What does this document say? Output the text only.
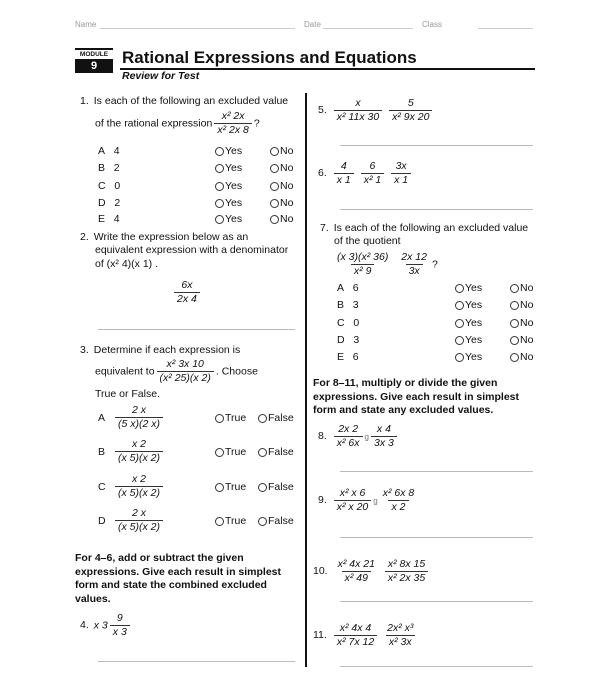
Name	Date	Class
MODULE
9	Rational Expressions and Equations
Review for Test
1. Is each of the following an excluded value
of the rational expression $\frac{\text{x² 2x}}{\text{x² 2x 8}}$ ?
A 4	Yes	No
B 2	Yes	No
C 0	Yes	No
D 2	Yes	No
E 4	Yes	No
2. Write the expression below as an
equivalent expression with a denominator
of (x² 4)(x 1) .
$\frac{6x}{2x 4}$
3. Determine if each expression is
equivalent to $\frac{\text{x² 3x 10}}{\text{(x² 25)(x 2)}}$ . Choose
True or False.
A $\frac{2 x}{(5 x)(2 x)}$	True False
B $\frac{x 2}{(x 5)(x 2)}$	True False
C $\frac{x 2}{(x 5)(x 2)}$	True False
D $\frac{2 x}{(x 5)(x 2)}$	True False
For 4–6, add or subtract the given expressions. Give each result in simplest form and state the combined excluded values.
4. x $3 \frac{9}{x 3}$
5. $\frac{x}{\text{x² 11x 30}}$
$\frac{5}{\text{x² 9x 20}}$
6. $\frac{4}{x 1}$
$\frac{6}{\text{x² 1}}$
$\frac{3x}{x 1}$
7. Is each of the following an excluded value
of the quotient
$\frac{\text{(x 3)(x² 36)}}{\text{x² 9}}$
$\frac{2x 12}{3x}$ ?
A 6	Yes	No
B 3	Yes	No
C 0	Yes	No
D 3	Yes	No
E 6	Yes	No
For 8–11, multiply or divide the given expressions. Give each result in simplest form and state any excluded values.
8. $\frac{2x 2}{\text{x² 6x}}$ g $\frac{x 4}{3x 3}$
9. $\frac{\text{x² x 6}}{\text{x² x 20}}$ g $\frac{\text{x² 6x 8}}{x 2}$
10. $\frac{\text{x² 4x 21}}{\text{x² 49}}$
$\frac{\text{x² 8x 15}}{\text{x² 2x 35}}$
11. $\frac{\text{x² 4x 4}}{\text{x² 7x 12}}$
$\frac{\text{2x² x³}}{\text{x² 3x}}$
